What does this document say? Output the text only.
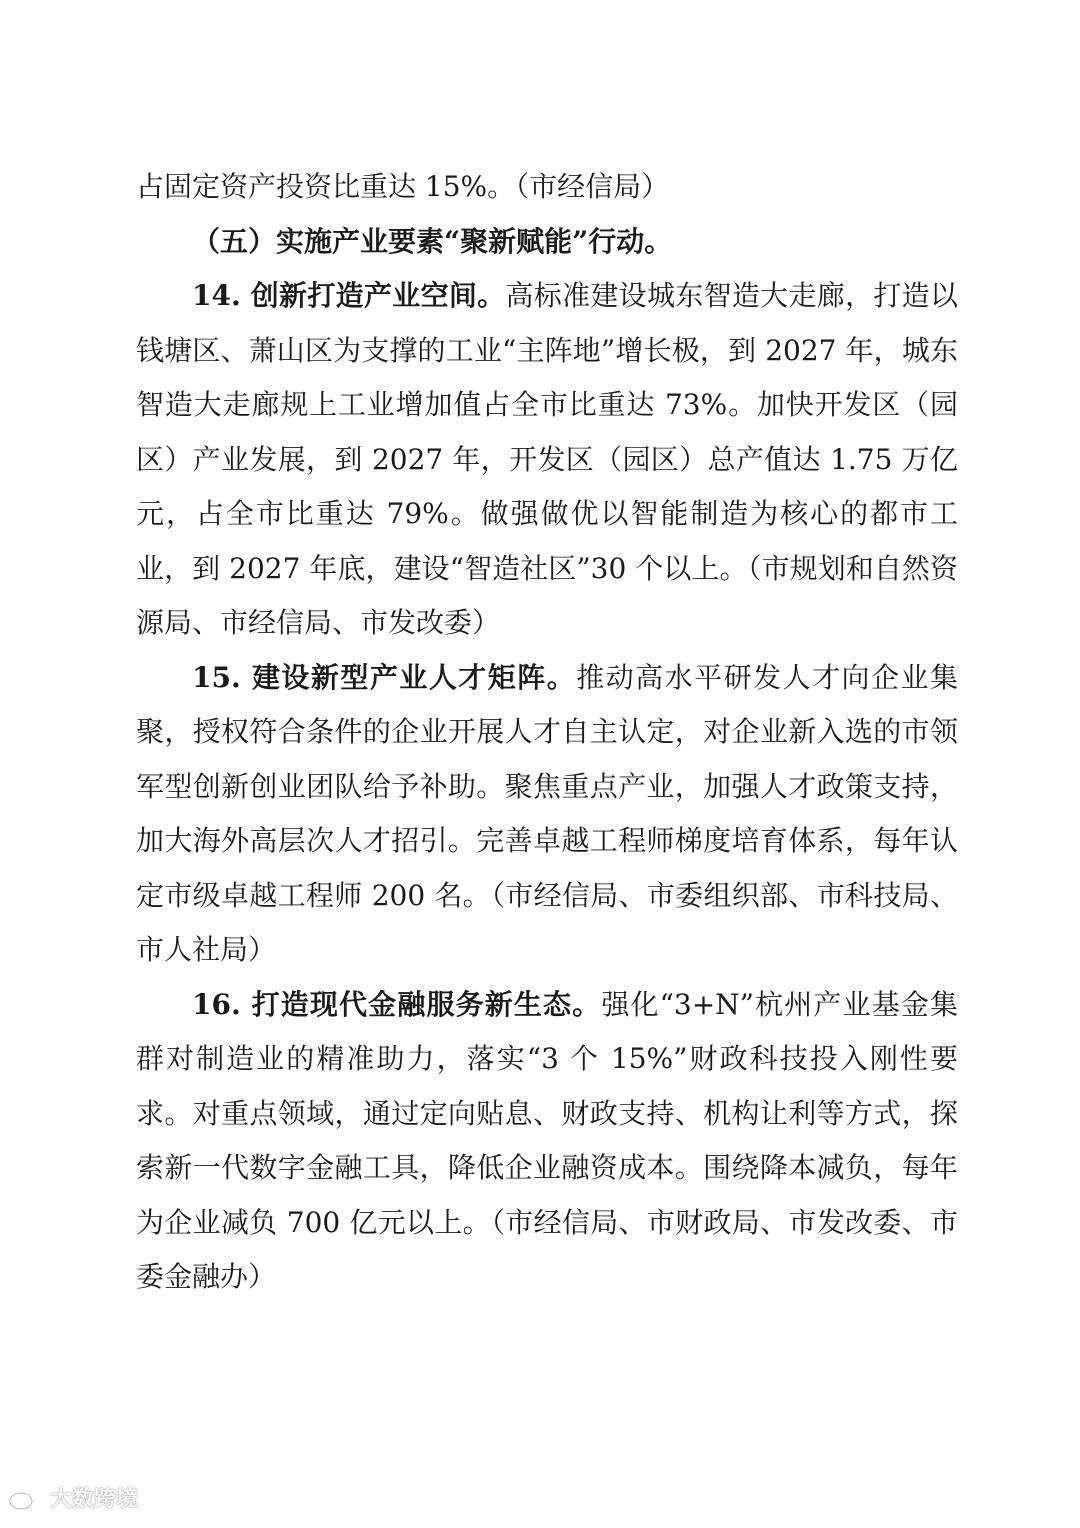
占固定资产投资比重达 15%。（市经信局）

（五）实施产业要素“聚新赋能”行动。

14. 创新打造产业空间。高标准建设城东智造大走廊，打造以钱塘区、萧山区为支撑的工业“主阵地”增长极，到 2027 年，城东智造大走廊规上工业增加值占全市比重达 73%。加快开发区（园区）产业发展，到 2027 年，开发区（园区）总产值达 1.75 万亿元，占全市比重达 79%。做强做优以智能制造为核心的都市工业，到 2027 年底，建设“智造社区”30 个以上。（市规划和自然资源局、市经信局、市发改委）

15. 建设新型产业人才矩阵。推动高水平研发人才向企业集聚，授权符合条件的企业开展人才自主认定，对企业新入选的市领军型创新创业团队给予补助。聚焦重点产业，加强人才政策支持，加大海外高层次人才招引。完善卓越工程师梯度培育体系，每年认定市级卓越工程师 200 名。（市经信局、市委组织部、市科技局、市人社局）

16. 打造现代金融服务新生态。强化“3+N”杭州产业基金集群对制造业的精准助力，落实“3 个 15%”财政科技投入刚性要求。对重点领域，通过定向贴息、财政支持、机构让利等方式，探索新一代数字金融工具，降低企业融资成本。围绕降本减负，每年为企业减负 700 亿元以上。（市经信局、市财政局、市发改委、市委金融办）

大数跨境
